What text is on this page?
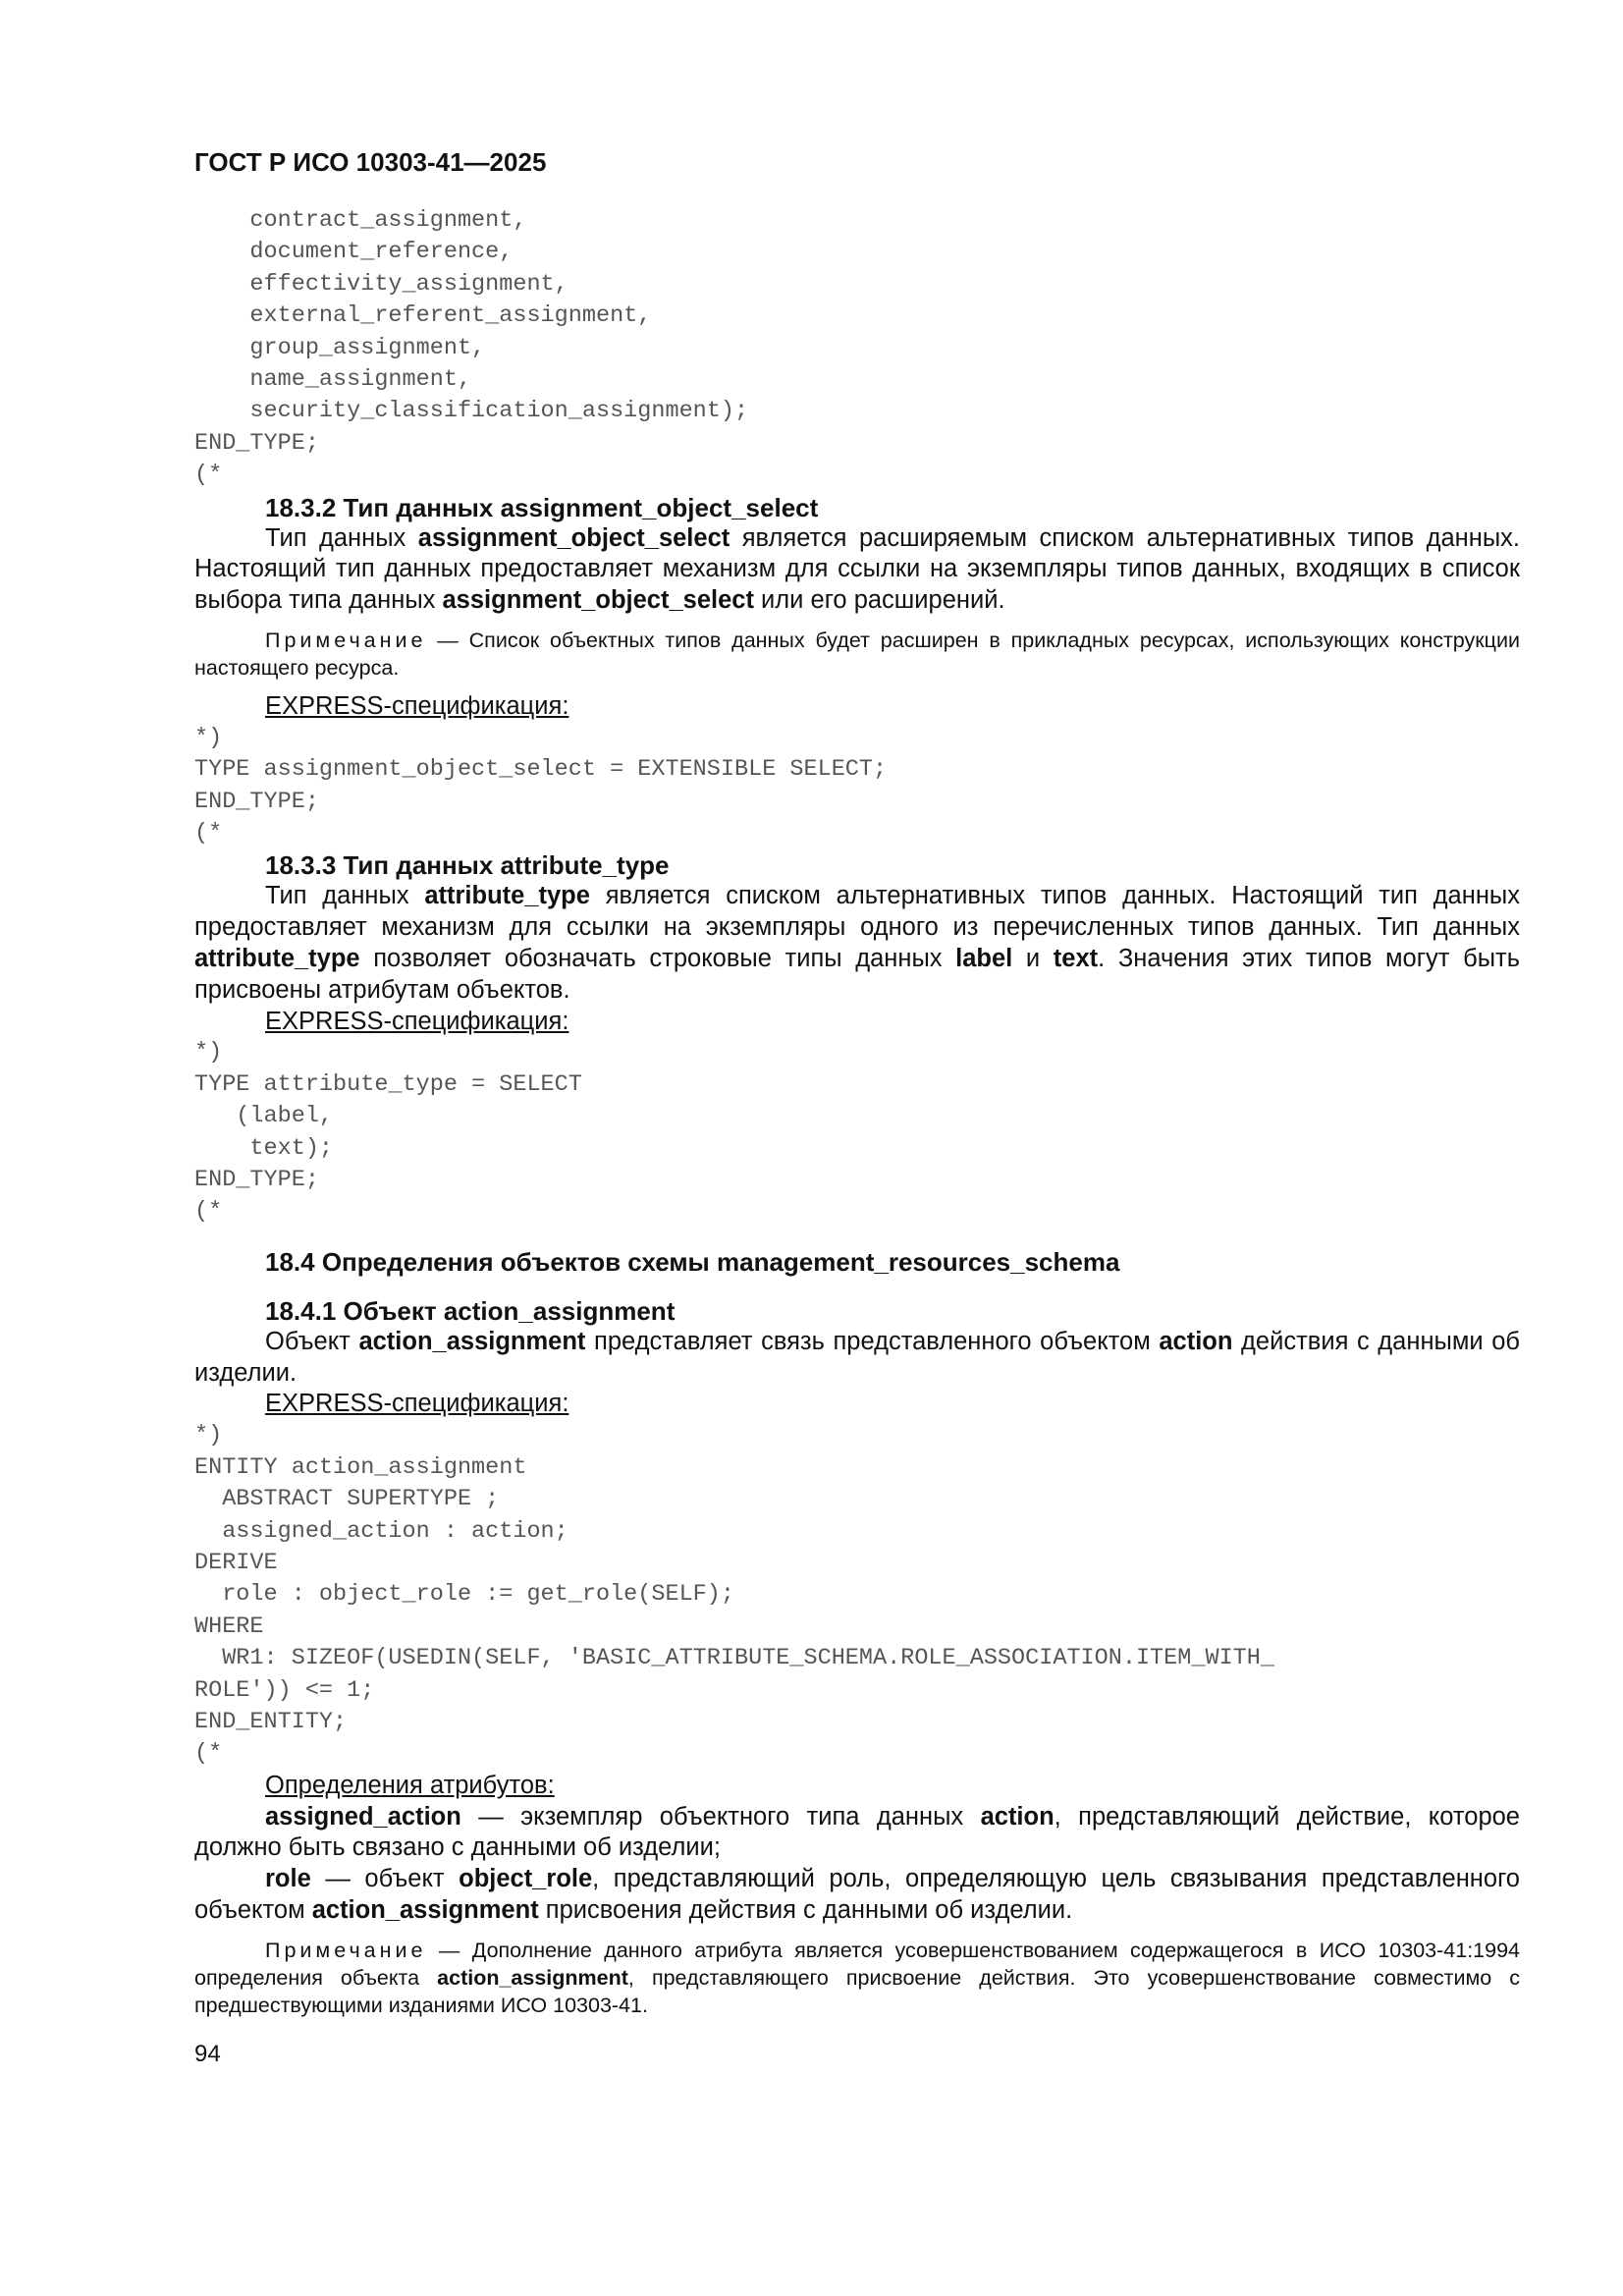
ГОСТ Р ИСО 10303-41—2025
contract_assignment,
document_reference,
effectivity_assignment,
external_referent_assignment,
group_assignment,
name_assignment,
security_classification_assignment);
END_TYPE;
(*
18.3.2 Тип данных assignment_object_select
Тип данных assignment_object_select является расширяемым списком альтернативных типов данных. Настоящий тип данных предоставляет механизм для ссылки на экземпляры типов данных, входящих в список выбора типа данных assignment_object_select или его расширений.
Примечание — Список объектных типов данных будет расширен в прикладных ресурсах, использующих конструкции настоящего ресурса.
EXPRESS-спецификация:
*)
TYPE assignment_object_select = EXTENSIBLE SELECT;
END_TYPE;
(*
18.3.3 Тип данных attribute_type
Тип данных attribute_type является списком альтернативных типов данных. Настоящий тип данных предоставляет механизм для ссылки на экземпляры одного из перечисленных типов данных. Тип данных attribute_type позволяет обозначать строковые типы данных label и text. Значения этих типов могут быть присвоены атрибутам объектов.
EXPRESS-спецификация:
*)
TYPE attribute_type = SELECT
(label,
text);
END_TYPE;
(*
18.4 Определения объектов схемы management_resources_schema
18.4.1 Объект action_assignment
Объект action_assignment представляет связь представленного объектом action действия с данными об изделии.
EXPRESS-спецификация:
*)
ENTITY action_assignment
ABSTRACT SUPERTYPE ;
assigned_action : action;
DERIVE
role : object_role := get_role(SELF);
WHERE
WR1: SIZEOF(USEDIN(SELF, 'BASIC_ATTRIBUTE_SCHEMA.ROLE_ASSOCIATION.ITEM_WITH_
ROLE')) <= 1;
END_ENTITY;
(*
Определения атрибутов:
assigned_action — экземпляр объектного типа данных action, представляющий действие, которое должно быть связано с данными об изделии;
role — объект object_role, представляющий роль, определяющую цель связывания представленного объектом action_assignment присвоения действия с данными об изделии.
Примечание — Дополнение данного атрибута является усовершенствованием содержащегося в ИСО 10303-41:1994 определения объекта action_assignment, представляющего присвоение действия. Это усовершенствование совместимо с предшествующими изданиями ИСО 10303-41.
94
